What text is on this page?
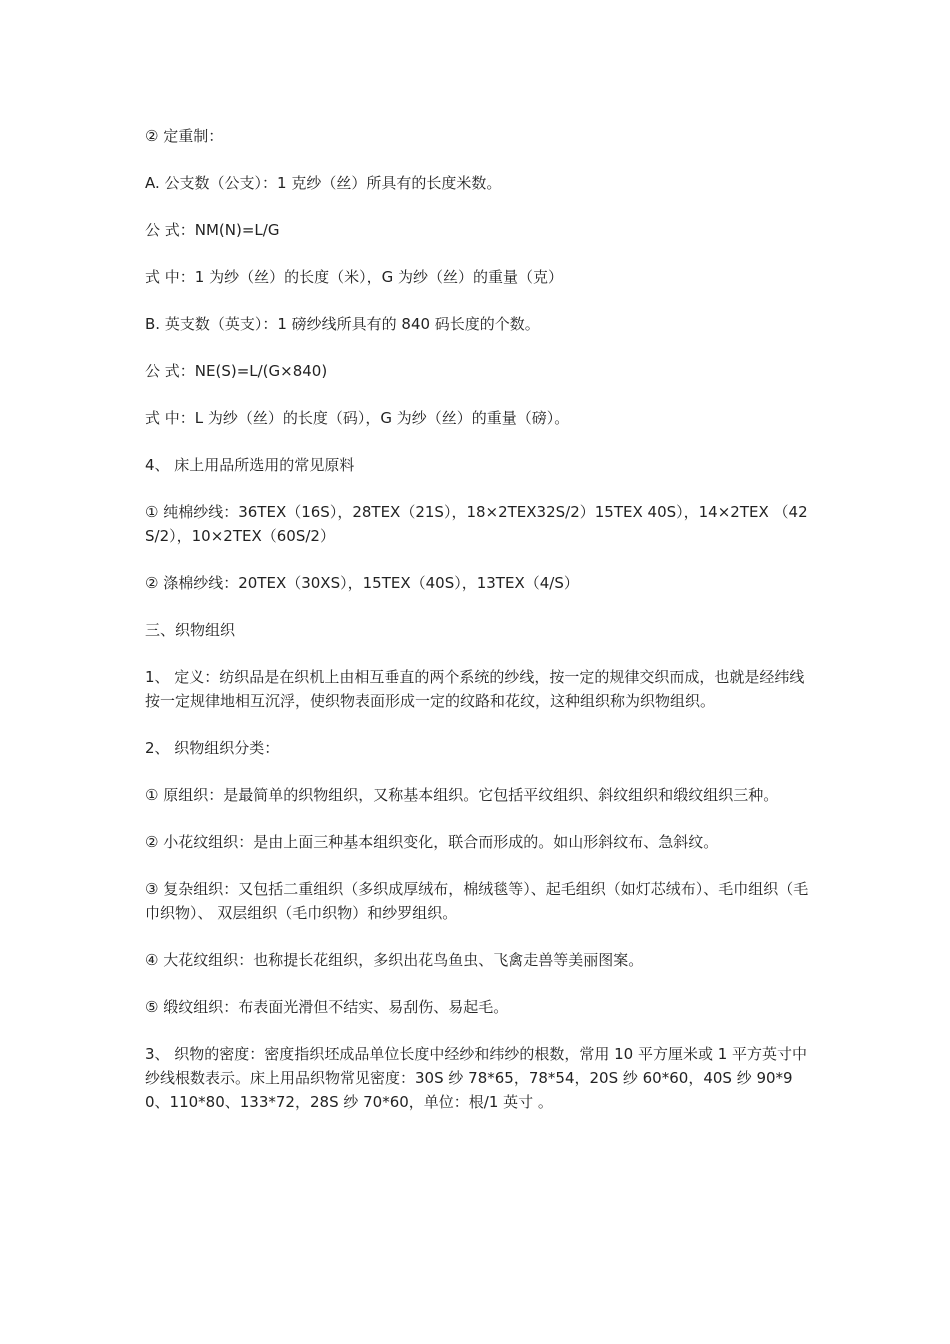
② 定重制：

A. 公支数（公支）：1 克纱（丝）所具有的长度米数。

公 式：NM(N)=L/G

式 中：1 为纱（丝）的长度（米），G 为纱（丝）的重量（克）

B. 英支数（英支）：1 磅纱线所具有的 840 码长度的个数。

公 式：NE(S)=L/(G×840)

式 中：L 为纱（丝）的长度（码），G 为纱（丝）的重量（磅）。

4、 床上用品所选用的常见原料

① 纯棉纱线：36TEX（16S），28TEX（21S），18×2TEX32S/2）15TEX 40S），14×2TEX （42S/2），10×2TEX（60S/2）

② 涤棉纱线：20TEX（30XS），15TEX（40S），13TEX（4/S）

三、织物组织

1、 定义：纺织品是在织机上由相互垂直的两个系统的纱线，按一定的规律交织而成，也就是经纬线按一定规律地相互沉浮，使织物表面形成一定的纹路和花纹，这种组织称为织物组织。

2、 织物组织分类：

① 原组织：是最简单的织物组织，又称基本组织。它包括平纹组织、斜纹组织和缎纹组织三种。

② 小花纹组织：是由上面三种基本组织变化，联合而形成的。如山形斜纹布、急斜纹。

③ 复杂组织：又包括二重组织（多织成厚绒布，棉绒毯等）、起毛组织（如灯芯绒布）、毛巾组织（毛巾织物）、 双层组织（毛巾织物）和纱罗组织。

④ 大花纹组织：也称提长花组织，多织出花鸟鱼虫、飞禽走兽等美丽图案。

⑤ 缎纹组织：布表面光滑但不结实、易刮伤、易起毛。

3、 织物的密度：密度指织坯成品单位长度中经纱和纬纱的根数，常用 10 平方厘米或 1 平方英寸中纱线根数表示。床上用品织物常见密度：30S 纱 78*65，78*54，20S 纱 60*60，40S 纱 90*90、110*80、133*72，28S 纱 70*60，单位：根/1 英寸 。
